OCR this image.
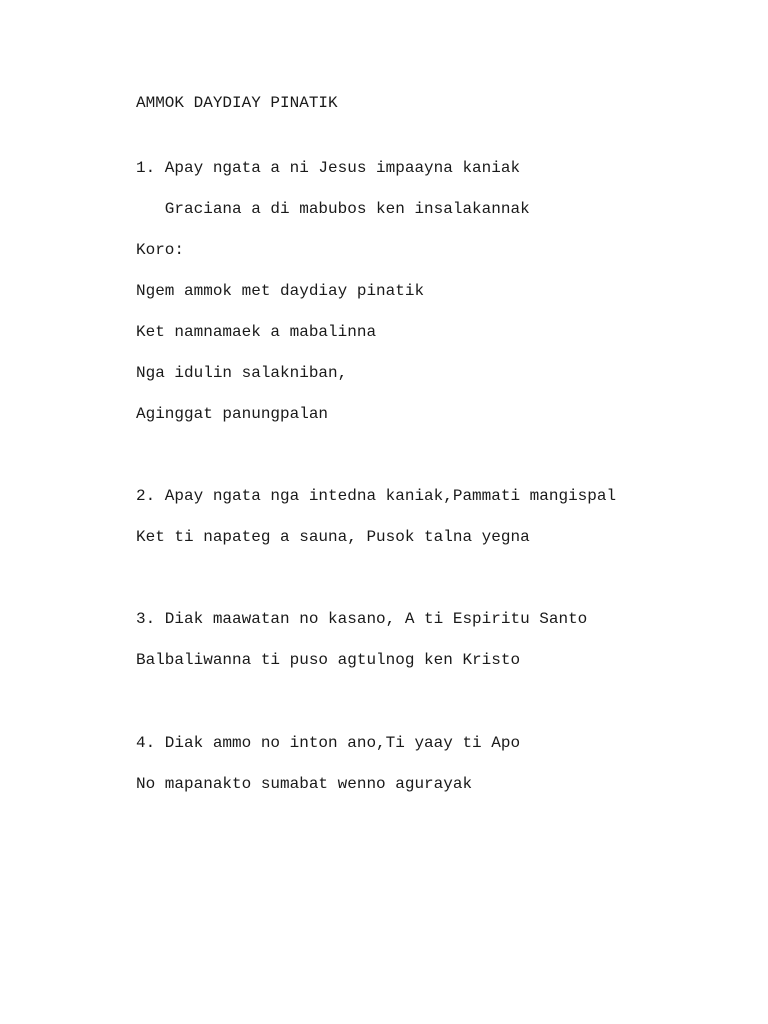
AMMOK DAYDIAY PINATIK

1. Apay ngata a ni Jesus impaayna kaniak

Graciana a di mabubos ken insalakannak

Koro:

Ngem ammok met daydiay pinatik

Ket namnamaek a mabalinna

Nga idulin salakniban,

Aginggat panungpalan

2. Apay ngata nga intedna kaniak,Pammati mangispal

Ket ti napateg a sauna, Pusok talna yegna

3. Diak maawatan no kasano, A ti Espiritu Santo

Balbaliwanna ti puso agtulnog ken Kristo

4. Diak ammo no inton ano,Ti yaay ti Apo

No mapanakto sumabat wenno agurayak
